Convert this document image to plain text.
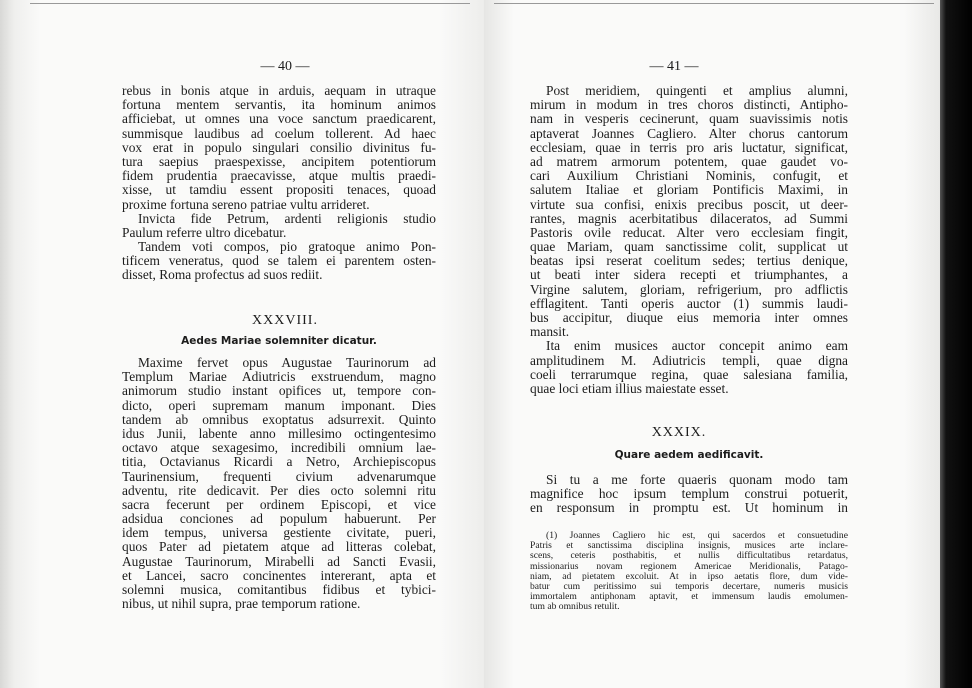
— 40 —
rebus in bonis atque in arduis, aequam in utraque
fortuna mentem servantis, ita hominum animos
afficiebat, ut omnes una voce sanctum praedicarent,
summisque laudibus ad coelum tollerent. Ad haec
vox erat in populo singulari consilio divinitus fu-
tura saepius praespexisse, ancipitem potentiorum
fidem prudentia praecavisse, atque multis praedi-
xisse, ut tamdiu essent propositi tenaces, quoad
proxime fortuna sereno patriae vultu arrideret.
Invicta fide Petrum, ardenti religionis studio
Paulum referre ultro dicebatur.
Tandem voti compos, pio gratoque animo Pon-
tificem veneratus, quod se talem ei parentem osten-
disset, Roma profectus ad suos rediit.
XXXVIII.
Aedes Mariae solemniter dicatur.
Maxime fervet opus Augustae Taurinorum ad
Templum Mariae Adiutricis exstruendum, magno
animorum studio instant opifices ut, tempore con-
dicto, operi supremam manum imponant. Dies
tandem ab omnibus exoptatus adsurrexit. Quinto
idus Junii, labente anno millesimo octingentesimo
octavo atque sexagesimo, incredibili omnium lae-
titia, Octavianus Ricardi a Netro, Archiepiscopus
Taurinensium, frequenti civium advenarumque
adventu, rite dedicavit. Per dies octo solemni ritu
sacra fecerunt per ordinem Episcopi, et vice
adsidua conciones ad populum habuerunt. Per
idem tempus, universa gestiente civitate, pueri,
quos Pater ad pietatem atque ad litteras colebat,
Augustae Taurinorum, Mirabelli ad Sancti Evasii,
et Lancei, sacro concinentes intererant, apta et
solemni musica, comitantibus fidibus et tybici-
nibus, ut nihil supra, prae temporum ratione.
— 41 —
Post meridiem, quingenti et amplius alumni,
mirum in modum in tres choros distincti, Antipho-
nam in vesperis cecinerunt, quam suavissimis notis
aptaverat Joannes Cagliero. Alter chorus cantorum
ecclesiam, quae in terris pro aris luctatur, significat,
ad matrem armorum potentem, quae gaudet vo-
cari Auxilium Christiani Nominis, confugit, et
salutem Italiae et gloriam Pontificis Maximi, in
virtute sua confisi, enixis precibus poscit, ut deer-
rantes, magnis acerbitatibus dilaceratos, ad Summi
Pastoris ovile reducat. Alter vero ecclesiam fingit,
quae Mariam, quam sanctissime colit, supplicat ut
beatas ipsi reserat coelitum sedes; tertius denique,
ut beati inter sidera recepti et triumphantes, a
Virgine salutem, gloriam, refrigerium, pro adflictis
efflagitent. Tanti operis auctor (1) summis laudi-
bus accipitur, diuque eius memoria inter omnes
mansit.
Ita enim musices auctor concepit animo eam
amplitudinem M. Adiutricis templi, quae digna
coeli terrarumque regina, quae salesiana familia,
quae loci etiam illius maiestate esset.
XXXIX.
Quare aedem aedificavit.
Si tu a me forte quaeris quonam modo tam
magnifice hoc ipsum templum construi potuerit,
en responsum in promptu est. Ut hominum in
(1) Joannes Cagliero hic est, qui sacerdos et consuetudine
Patris et sanctissima disciplina insignis, musices arte inclare-
scens, ceteris posthabitis, et nullis difficultatibus retardatus,
missionarius novam regionem Americae Meridionalis, Patago-
niam, ad pietatem excoluit. At in ipso aetatis flore, dum vide-
batur cum peritissimo sui temporis decertare, numeris musicis
immortalem antiphonam aptavit, et immensum laudis emolumen-
tum ab omnibus retulit.
